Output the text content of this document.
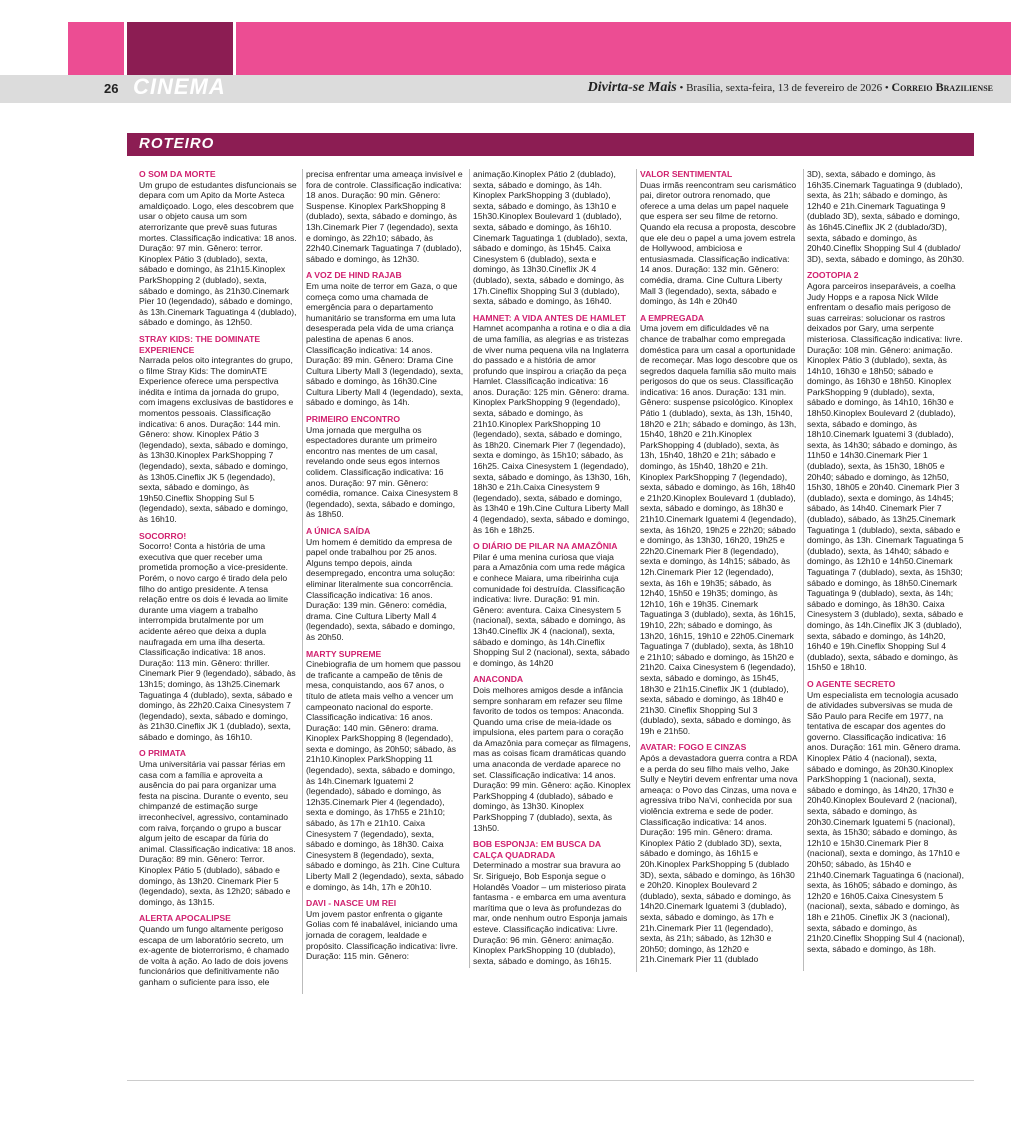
26 CINEMA	Divirta-se Mais • Brasília, sexta-feira, 13 de fevereiro de 2026 • Correio Braziliense
ROTEIRO
O SOM DA MORTE
Um grupo de estudantes disfuncionais se depara com um Apito da Morte Asteca amaldiçoado. Logo, eles descobrem que usar o objeto causa um som aterrorizante que prevê suas futuras mortes. Classificação indicativa: 18 anos. Duração: 97 min. Gênero: terror. Kinoplex Pátio 3 (dublado), sexta, sábado e domingo, às 21h15.Kinoplex ParkShopping 2 (dublado), sexta, sábado e domingo, às 21h30.Cinemark Pier 10 (legendado), sábado e domingo, às 13h.Cinemark Taguatinga 4 (dublado), sábado e domingo, às 12h50.
STRAY KIDS: THE DOMINATE EXPERIENCE
Narrada pelos oito integrantes do grupo, o filme Stray Kids: The dominATE Experience oferece uma perspectiva inédita e íntima da jornada do grupo, com imagens exclusivas de bastidores e momentos pessoais. Classificação indicativa: 6 anos. Duração: 144 min. Gênero: show. Kinoplex Pátio 3 (legendado), sexta, sábado e domingo, às 13h30.Kinoplex ParkShopping 7 (legendado), sexta, sábado e domingo, às 13h05.Cineflix JK 5 (legendado), sexta, sábado e domingo, às 19h50.Cineflix Shopping Sul 5 (legendado), sexta, sábado e domingo, às 16h10.
SOCORRO!
Socorro! Conta a história de uma executiva que quer receber uma prometida promoção a vice-presidente. Porém, o novo cargo é tirado dela pelo filho do antigo presidente. A tensa relação entre os dois é levada ao limite durante uma viagem a trabalho interrompida brutalmente por um acidente aéreo que deixa a dupla naufragada em uma ilha deserta. Classificação indicativa: 18 anos. Duração: 113 min. Gênero: thriller. Cinemark Pier 9 (legendado), sábado, às 13h15; domingo, às 13h25.Cinemark Taguatinga 4 (dublado), sexta, sábado e domingo, às 22h20.Caixa Cinesystem 7 (legendado), sexta, sábado e domingo, às 21h30.Cineflix JK 1 (dublado), sexta, sábado e domingo, às 16h10.
O PRIMATA
Uma universitária vai passar férias em casa com a família e aproveita a ausência do pai para organizar uma festa na piscina. Durante o evento, seu chimpanzé de estimação surge irreconhecível, agressivo, contaminado com raiva, forçando o grupo a buscar algum jeito de escapar da fúria do animal. Classificação indicativa: 18 anos. Duração: 89 min. Gênero: Terror. Kinoplex Pátio 5 (dublado), sábado e domingo, às 13h20. Cinemark Pier 5 (legendado), sexta, às 12h20; sábado e domingo, às 13h15.
ALERTA APOCALIPSE
Quando um fungo altamente perigoso escapa de um laboratório secreto, um ex-agente de bioterrorismo, é chamado de volta à ação. Ao lado de dois jovens funcionários que definitivamente não ganham o suficiente para isso, ele
precisa enfrentar uma ameaça invisível e fora de controle. Classificação indicativa: 18 anos. Duração: 90 min. Gênero: Suspense. Kinoplex ParkShopping 8 (dublado), sexta, sábado e domingo, às 13h.Cinemark Pier 7 (legendado), sexta e domingo, às 22h10; sábado, às 22h40.Cinemark Taguatinga 7 (dublado), sábado e domingo, às 12h30.
A VOZ DE HIND RAJAB
Em uma noite de terror em Gaza, o que começa como uma chamada de emergência para o departamento humanitário se transforma em uma luta desesperada pela vida de uma criança palestina de apenas 6 anos. Classificação indicativa: 14 anos. Duração: 89 min. Gênero: Drama Cine Cultura Liberty Mall 3 (legendado), sexta, sábado e domingo, às 16h30.Cine Cultura Liberty Mall 4 (legendado), sexta, sábado e domingo, às 14h.
PRIMEIRO ENCONTRO
Uma jornada que mergulha os espectadores durante um primeiro encontro nas mentes de um casal, revelando onde seus egos internos colidem. Classificação indicativa: 16 anos. Duração: 97 min. Gênero: comédia, romance. Caixa Cinesystem 8 (legendado), sexta, sábado e domingo, às 18h50.
A ÚNICA SAÍDA
Um homem é demitido da empresa de papel onde trabalhou por 25 anos. Alguns tempo depois, ainda desempregado, encontra uma solução: eliminar literalmente sua concorrência. Classificação indicativa: 16 anos. Duração: 139 min. Gênero: comédia, drama. Cine Cultura Liberty Mall 4 (legendado), sexta, sábado e domingo, às 20h50.
MARTY SUPREME
Cinebiografia de um homem que passou de traficante a campeão de tênis de mesa, conquistando, aos 67 anos, o título de atleta mais velho a vencer um campeonato nacional do esporte. Classificação indicativa: 16 anos. Duração: 140 min. Gênero: drama. Kinoplex ParkShopping 8 (legendado), sexta e domingo, às 20h50; sábado, às 21h10.Kinoplex ParkShopping 11 (legendado), sexta, sábado e domingo, às 14h.Cinemark Iguatemi 2 (legendado), sábado e domingo, às 12h35.Cinemark Pier 4 (legendado), sexta e domingo, às 17h55 e 21h10; sábado, às 17h e 21h10. Caixa Cinesystem 7 (legendado), sexta, sábado e domingo, às 18h30. Caixa Cinesystem 8 (legendado), sexta, sábado e domingo, às 21h. Cine Cultura Liberty Mall 2 (legendado), sexta, sábado e domingo, às 14h, 17h e 20h10.
DAVI - NASCE UM REI
Um jovem pastor enfrenta o gigante Golias com fé inabalável, iniciando uma jornada de coragem, lealdade e propósito. Classificação indicativa: livre. Duração: 115 min. Gênero:
animação.Kinoplex Pátio 2 (dublado), sexta, sábado e domingo, às 14h. Kinoplex ParkShopping 3 (dublado), sexta, sábado e domingo, às 13h10 e 15h30.Kinoplex Boulevard 1 (dublado), sexta, sábado e domingo, às 16h10. Cinemark Taguatinga 1 (dublado), sexta, sábado e domingo, às 15h45. Caixa Cinesystem 6 (dublado), sexta e domingo, às 13h30.Cineflix JK 4 (dublado), sexta, sábado e domingo, às 17h.Cineflix Shopping Sul 3 (dublado), sexta, sábado e domingo, às 16h40.
HAMNET: A VIDA ANTES DE HAMLET
Hamnet acompanha a rotina e o dia a dia de uma família, as alegrias e as tristezas de viver numa pequena vila na Inglaterra do passado e a história de amor profundo que inspirou a criação da peça Hamlet. Classificação indicativa: 16 anos. Duração: 125 min. Gênero: drama. Kinoplex ParkShopping 9 (legendado), sexta, sábado e domingo, às 21h10.Kinoplex ParkShopping 10 (legendado), sexta, sábado e domingo, às 18h20. Cinemark Pier 7 (legendado), sexta e domingo, às 15h10; sábado, às 16h25. Caixa Cinesystem 1 (legendado), sexta, sábado e domingo, às 13h30, 16h, 18h30 e 21h.Caixa Cinesystem 9 (legendado), sexta, sábado e domingo, às 13h40 e 19h.Cine Cultura Liberty Mall 4 (legendado), sexta, sábado e domingo, às 16h e 18h25.
O DIÁRIO DE PILAR NA AMAZÔNIA
Pilar é uma menina curiosa que viaja para a Amazônia com uma rede mágica e conhece Maiara, uma ribeirinha cuja comunidade foi destruída. Classificação indicativa: livre. Duração: 91 min. Gênero: aventura. Caixa Cinesystem 5 (nacional), sexta, sábado e domingo, às 13h40.Cineflix JK 4 (nacional), sexta, sábado e domingo, às 14h.Cineflix Shopping Sul 2 (nacional), sexta, sábado e domingo, às 14h20
ANACONDA
Dois melhores amigos desde a infância sempre sonharam em refazer seu filme favorito de todos os tempos: Anaconda. Quando uma crise de meia-idade os impulsiona, eles partem para o coração da Amazônia para começar as filmagens, mas as coisas ficam dramáticas quando uma anaconda de verdade aparece no set. Classificação indicativa: 14 anos. Duração: 99 min. Gênero: ação. Kinoplex ParkShopping 4 (dublado), sábado e domingo, às 13h30. Kinoplex ParkShopping 7 (dublado), sexta, às 13h50.
BOB ESPONJA: EM BUSCA DA CALÇA QUADRADA
Determinado a mostrar sua bravura ao Sr. Siriguejo, Bob Esponja segue o Holandês Voador – um misterioso pirata fantasma - e embarca em uma aventura marítima que o leva às profundezas do mar, onde nenhum outro Esponja jamais esteve. Classificação indicativa: Livre. Duração: 96 min. Gênero: animação. Kinoplex ParkShopping 10 (dublado), sexta, sábado e domingo, às 16h15.
VALOR SENTIMENTAL
Duas irmãs reencontram seu carismático pai, diretor outrora renomado, que oferece a uma delas um papel naquele que espera ser seu filme de retorno. Quando ela recusa a proposta, descobre que ele deu o papel a uma jovem estrela de Hollywood, ambiciosa e entusiasmada. Classificação indicativa: 14 anos. Duração: 132 min. Gênero: comédia, drama. Cine Cultura Liberty Mall 3 (legendado), sexta, sábado e domingo, às 14h e 20h40
A EMPREGADA
Uma jovem em dificuldades vê na chance de trabalhar como empregada doméstica para um casal a oportunidade de recomeçar. Mas logo descobre que os segredos daquela família são muito mais perigosos do que os seus. Classificação indicativa: 16 anos. Duração: 131 min. Gênero: suspense psicológico. Kinoplex Pátio 1 (dublado), sexta, às 13h, 15h40, 18h20 e 21h; sábado e domingo, às 13h, 15h40, 18h20 e 21h.Kinoplex ParkShopping 4 (dublado), sexta, às 13h, 15h40, 18h20 e 21h; sábado e domingo, às 15h40, 18h20 e 21h. Kinoplex ParkShopping 7 (legendado), sexta, sábado e domingo, às 16h, 18h40 e 21h20.Kinoplex Boulevard 1 (dublado), sexta, sábado e domingo, às 18h30 e 21h10.Cinemark Iguatemi 4 (legendado), sexta, às 16h20, 19h25 e 22h20; sábado e domingo, às 13h30, 16h20, 19h25 e 22h20.Cinemark Pier 8 (legendado), sexta e domingo, às 14h15; sábado, às 12h.Cinemark Pier 12 (legendado), sexta, às 16h e 19h35; sábado, às 12h40, 15h50 e 19h35; domingo, às 12h10, 16h e 19h35. Cinemark Taguatinga 3 (dublado), sexta, às 16h15, 19h10, 22h; sábado e domingo, às 13h20, 16h15, 19h10 e 22h05.Cinemark Taguatinga 7 (dublado), sexta, às 18h10 e 21h10; sábado e domingo, às 15h20 e 21h20. Caixa Cinesystem 6 (legendado), sexta, sábado e domingo, às 15h45, 18h30 e 21h15.Cineflix JK 1 (dublado), sexta, sábado e domingo, às 18h40 e 21h30. Cineflix Shopping Sul 3 (dublado), sexta, sábado e domingo, às 19h e 21h50.
AVATAR: FOGO E CINZAS
Após a devastadora guerra contra a RDA e a perda do seu filho mais velho, Jake Sully e Neytiri devem enfrentar uma nova ameaça: o Povo das Cinzas, uma nova e agressiva tribo Na'vi, conhecida por sua violência extrema e sede de poder. Classificação indicativa: 14 anos. Duração: 195 min. Gênero: drama. Kinoplex Pátio 2 (dublado 3D), sexta, sábado e domingo, às 16h15 e 20h.Kinoplex ParkShopping 5 (dublado 3D), sexta, sábado e domingo, às 16h30 e 20h20. Kinoplex Boulevard 2 (dublado), sexta, sábado e domingo, às 14h20.Cinemark Iguatemi 3 (dublado), sexta, sábado e domingo, às 17h e 21h.Cinemark Pier 11 (legendado), sexta, às 21h; sábado, às 12h30 e 20h50; domingo, às 12h20 e 21h.Cinemark Pier 11 (dublado
3D), sexta, sábado e domingo, às 16h35.Cinemark Taguatinga 9 (dublado), sexta, às 21h; sábado e domingo, às 12h40 e 21h.Cinemark Taguatinga 9 (dublado 3D), sexta, sábado e domingo, às 16h45.Cineflix JK 2 (dublado/3D), sexta, sábado e domingo, às 20h40.Cineflix Shopping Sul 4 (dublado/ 3D), sexta, sábado e domingo, às 20h30.
ZOOTOPIA 2
Agora parceiros inseparáveis, a coelha Judy Hopps e a raposa Nick Wilde enfrentam o desafio mais perigoso de suas carreiras: solucionar os rastros deixados por Gary, uma serpente misteriosa. Classificação indicativa: livre. Duração: 108 min. Gênero: animação. Kinoplex Pátio 3 (dublado), sexta, às 14h10, 16h30 e 18h50; sábado e domingo, às 16h30 e 18h50. Kinoplex ParkShopping 9 (dublado), sexta, sábado e domingo, às 14h10, 16h30 e 18h50.Kinoplex Boulevard 2 (dublado), sexta, sábado e domingo, às 18h10.Cinemark Iguatemi 3 (dublado), sexta, às 14h30; sábado e domingo, às 11h50 e 14h30.Cinemark Pier 1 (dublado), sexta, às 15h30, 18h05 e 20h40; sábado e domingo, às 12h50, 15h30, 18h05 e 20h40. Cinemark Pier 3 (dublado), sexta e domingo, às 14h45; sábado, às 14h40. Cinemark Pier 7 (dublado), sábado, às 13h25.Cinemark Taguatinga 1 (dublado), sexta, sábado e domingo, às 13h. Cinemark Taguatinga 5 (dublado), sexta, às 14h40; sábado e domingo, às 12h10 e 14h50.Cinemark Taguatinga 7 (dublado), sexta, às 15h30; sábado e domingo, às 18h50.Cinemark Taguatinga 9 (dublado), sexta, às 14h; sábado e domingo, às 18h30. Caixa Cinesystem 3 (dublado), sexta, sábado e domingo, às 14h.Cineflix JK 3 (dublado), sexta, sábado e domingo, às 14h20, 16h40 e 19h.Cineflix Shopping Sul 4 (dublado), sexta, sábado e domingo, às 15h50 e 18h10.
O AGENTE SECRETO
Um especialista em tecnologia acusado de atividades subversivas se muda de São Paulo para Recife em 1977, na tentativa de escapar dos agentes do governo. Classificação indicativa: 16 anos. Duração: 161 min. Gênero drama. Kinoplex Pátio 4 (nacional), sexta, sábado e domingo, às 20h30.Kinoplex ParkShopping 1 (nacional), sexta, sábado e domingo, às 14h20, 17h30 e 20h40.Kinoplex Boulevard 2 (nacional), sexta, sábado e domingo, às 20h30.Cinemark Iguatemi 5 (nacional), sexta, às 15h30; sábado e domingo, às 12h10 e 15h30.Cinemark Pier 8 (nacional), sexta e domingo, às 17h10 e 20h50; sábado, às 15h40 e 21h40.Cinemark Taguatinga 6 (nacional), sexta, às 16h05; sábado e domingo, às 12h20 e 16h05.Caixa Cinesystem 5 (nacional), sexta, sábado e domingo, às 18h e 21h05. Cineflix JK 3 (nacional), sexta, sábado e domingo, às 21h20.Cineflix Shopping Sul 4 (nacional), sexta, sábado e domingo, às 18h.
